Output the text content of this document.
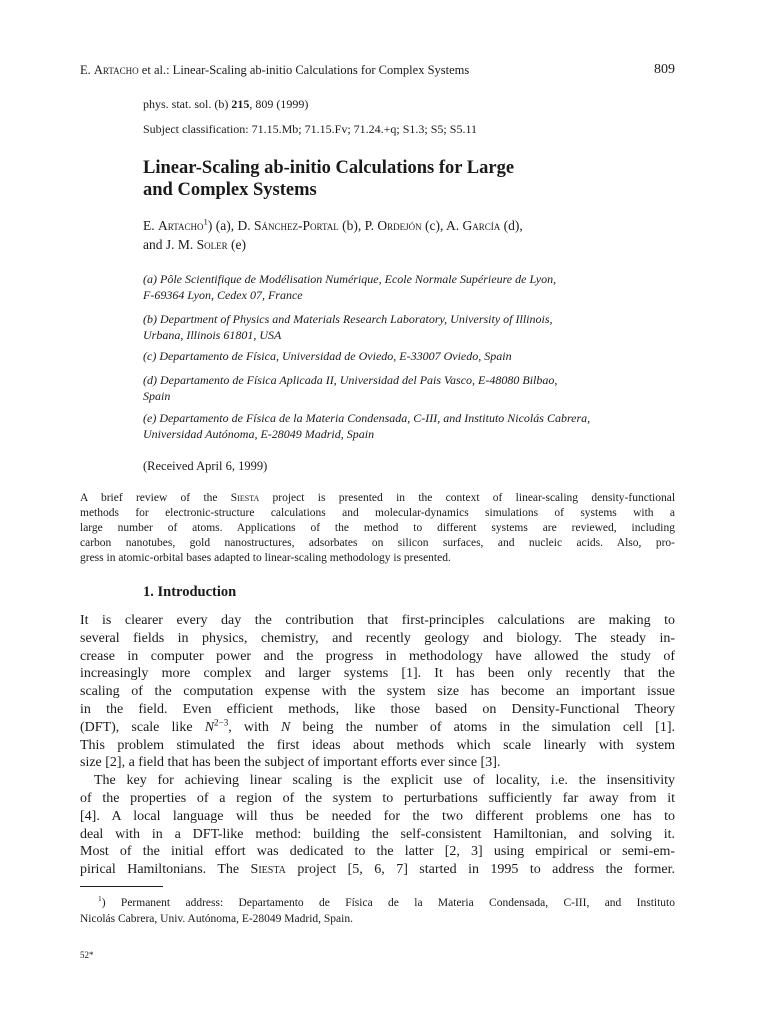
E. Artacho et al.: Linear-Scaling ab-initio Calculations for Complex Systems	809
phys. stat. sol. (b) 215, 809 (1999)
Subject classification: 71.15.Mb; 71.15.Fv; 71.24.+q; S1.3; S5; S5.11
Linear-Scaling ab-initio Calculations for Large
and Complex Systems
E. Artacho$^1$) (a), D. Sánchez-Portal (b), P. Ordejón (c), A. García (d),
and J. M. Soler (e)
(a) Pôle Scientifique de Modélisation Numérique, Ecole Normale Supérieure de Lyon,
F-69364 Lyon, Cedex 07, France
(b) Department of Physics and Materials Research Laboratory, University of Illinois,
Urbana, Illinois 61801, USA
(c) Departamento de Física, Universidad de Oviedo, E-33007 Oviedo, Spain
(d) Departamento de Física Aplicada II, Universidad del Pais Vasco, E-48080 Bilbao,
Spain
(e) Departamento de Física de la Materia Condensada, C-III, and Instituto Nicolás Cabrera,
Universidad Autónoma, E-28049 Madrid, Spain
(Received April 6, 1999)
A brief review of the Siesta project is presented in the context of linear-scaling density-functional
methods for electronic-structure calculations and molecular-dynamics simulations of systems with a
large number of atoms. Applications of the method to different systems are reviewed, including
carbon nanotubes, gold nanostructures, adsorbates on silicon surfaces, and nucleic acids. Also, pro-
gress in atomic-orbital bases adapted to linear-scaling methodology is presented.
1. Introduction
It is clearer every day the contribution that first-principles calculations are making to
several fields in physics, chemistry, and recently geology and biology. The steady in-
crease in computer power and the progress in methodology have allowed the study of
increasingly more complex and larger systems [1]. It has been only recently that the
scaling of the computation expense with the system size has become an important issue
in the field. Even efficient methods, like those based on Density-Functional Theory
(DFT), scale like $N^{2-3}$, with N being the number of atoms in the simulation cell [1].
This problem stimulated the first ideas about methods which scale linearly with system
size [2], a field that has been the subject of important efforts ever since [3].
The key for achieving linear scaling is the explicit use of locality, i.e. the insensitivity
of the properties of a region of the system to perturbations sufficiently far away from it
[4]. A local language will thus be needed for the two different problems one has to
deal with in a DFT-like method: building the self-consistent Hamiltonian, and solving it.
Most of the initial effort was dedicated to the latter [2, 3] using empirical or semi-em-
pirical Hamiltonians. The Siesta project [5, 6, 7] started in 1995 to address the former.
$^1$) Permanent address: Departamento de Física de la Materia Condensada, C-III, and Instituto
Nicolás Cabrera, Univ. Autónoma, E-28049 Madrid, Spain.
52*
